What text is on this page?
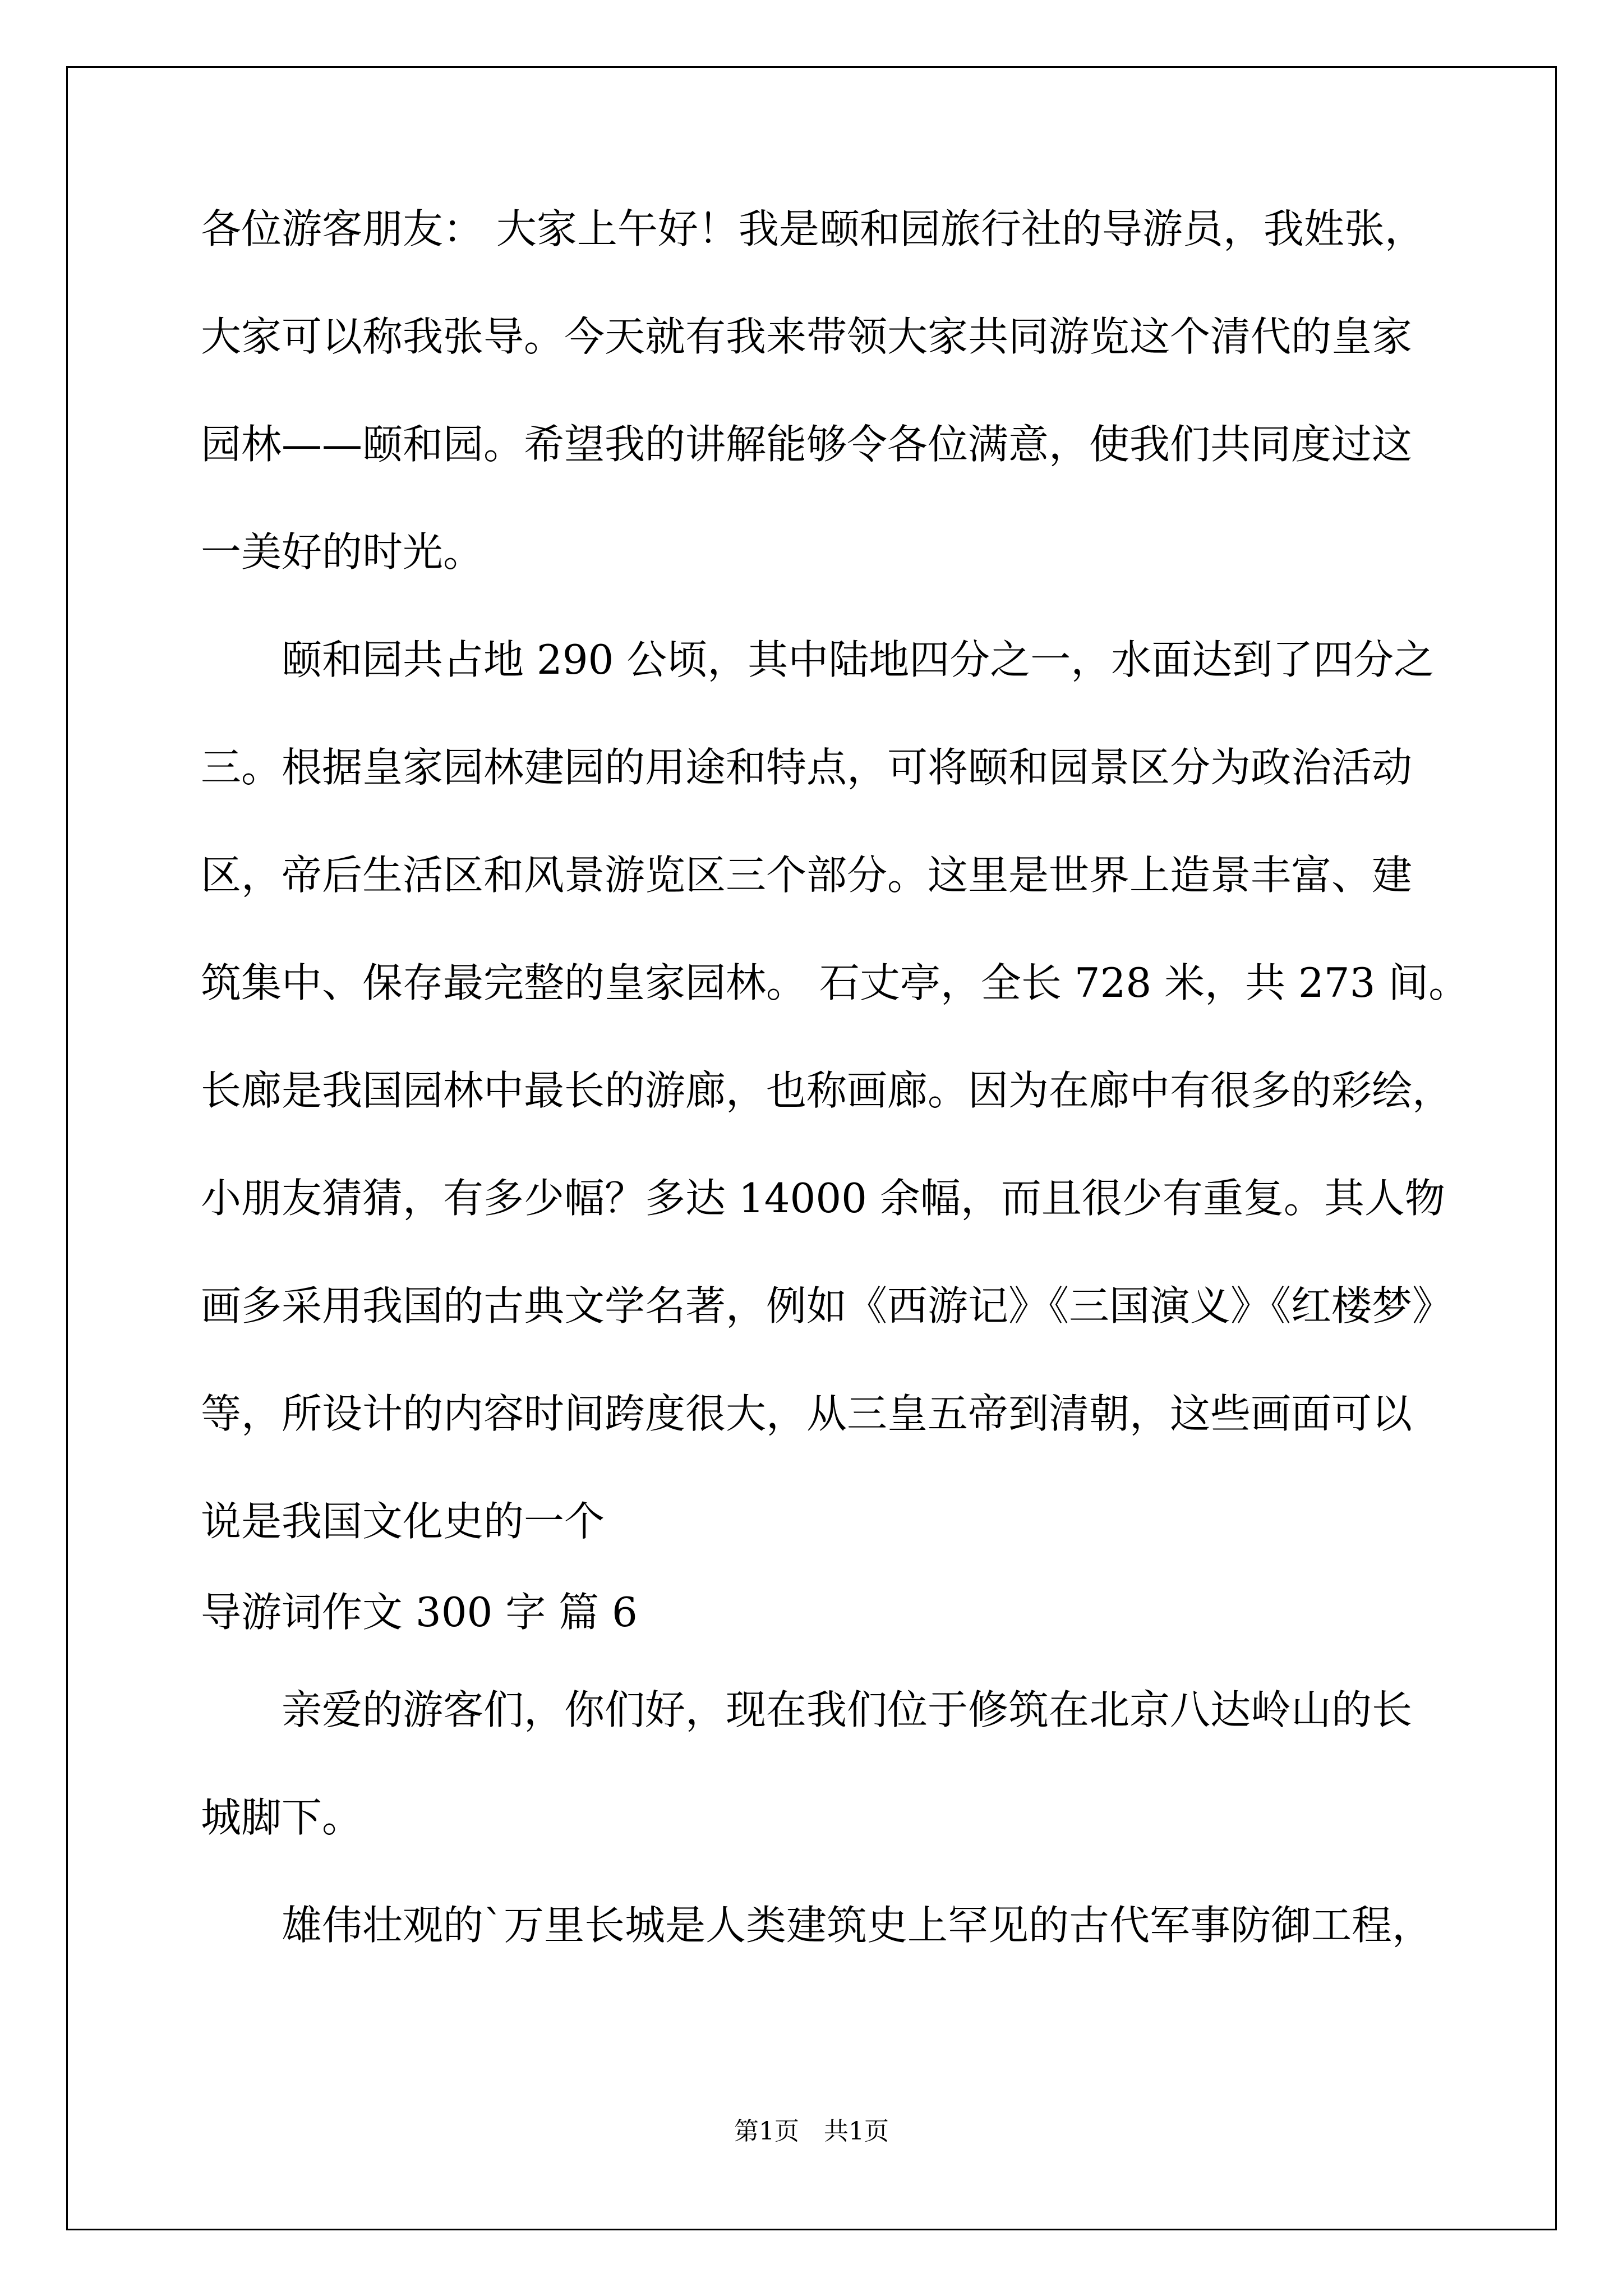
各位游客朋友： 大家上午好！我是颐和园旅行社的导游员，我姓张，
大家可以称我张导。今天就有我来带领大家共同游览这个清代的皇家
园林——颐和园。希望我的讲解能够令各位满意，使我们共同度过这
一美好的时光。
　　颐和园共占地 290 公顷，其中陆地四分之一，水面达到了四分之
三。根据皇家园林建园的用途和特点，可将颐和园景区分为政治活动
区，帝后生活区和风景游览区三个部分。这里是世界上造景丰富、建
筑集中、保存最完整的皇家园林。 石丈亭，全长 728 米，共 273 间。
长廊是我国园林中最长的游廊，也称画廊。因为在廊中有很多的彩绘，
小朋友猜猜，有多少幅？多达 14000 余幅，而且很少有重复。其人物
画多采用我国的古典文学名著，例如《西游记》《三国演义》《红楼梦》
等，所设计的内容时间跨度很大，从三皇五帝到清朝，这些画面可以
说是我国文化史的一个
导游词作文 300 字 篇 6
　　亲爱的游客们，你们好，现在我们位于修筑在北京八达岭山的长
城脚下。
　　雄伟壮观的`万里长城是人类建筑史上罕见的古代军事防御工程，
第1页　共1页
